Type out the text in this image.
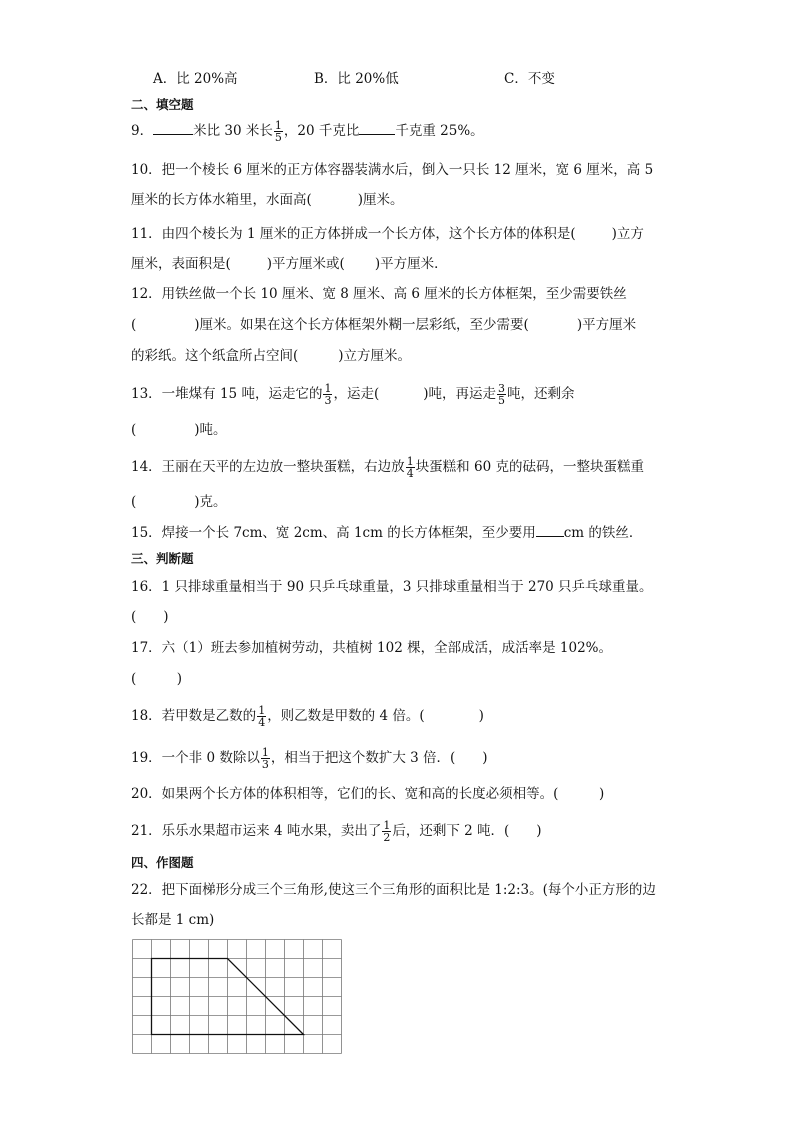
A．比 20%高	B．比 20%低	C．不变
二、填空题
9．	米比 30 米长 $\frac{1}{5}$ ，20 千克比	千克重 25%。
10．把一个棱长 6 厘米的正方体容器装满水后，倒入一只长 12 厘米，宽 6 厘米，高 5
厘米的长方体水箱里，水面高(	)厘米。
11．由四个棱长为 1 厘米的正方体拼成一个长方体，这个长方体的体积是(	)立方
厘米，表面积是(	)平方厘米或( )平方厘米．
12．用铁丝做一个长 10 厘米、宽 8 厘米、高 6 厘米的长方体框架，至少需要铁丝
(	)厘米。如果在这个长方体框架外糊一层彩纸，至少需要(	)平方厘米
的彩纸。这个纸盒所占空间(	)立方厘米。
13．一堆煤有 15 吨，运走它的 $\frac{1}{3}$ ，运走(	)吨，再运走 $\frac{3}{5}$ 吨，还剩余
(	)吨。
14．王丽在天平的左边放一整块蛋糕，右边放 $\frac{1}{4}$ 块蛋糕和 60 克的砝码，一整块蛋糕重
(	)克。
15．焊接一个长 7cm、宽 2cm、高 1cm 的长方体框架，至少要用 cm 的铁丝．
三、判断题
16．1 只排球重量相当于 90 只乒乓球重量，3 只排球重量相当于 270 只乒乓球重量。
(　　)
17．六（1）班去参加植树劳动，共植树 102 棵，全部成活，成活率是 102%。
(　　　)
18．若甲数是乙数的 $\frac{1}{4}$ ，则乙数是甲数的 4 倍。(　　　　)
19．一个非 0 数除以 $\frac{1}{3}$ ，相当于把这个数扩大 3 倍．(　　)
20．如果两个长方体的体积相等，它们的长、宽和高的长度必须相等。(　　　)
21．乐乐水果超市运来 4 吨水果，卖出了 $\frac{1}{2}$ 后，还剩下 2 吨．(　　)
四、作图题
22．把下面梯形分成三个三角形,使这三个三角形的面积比是 1:2:3。(每个小正方形的边
长都是 1 cm)
